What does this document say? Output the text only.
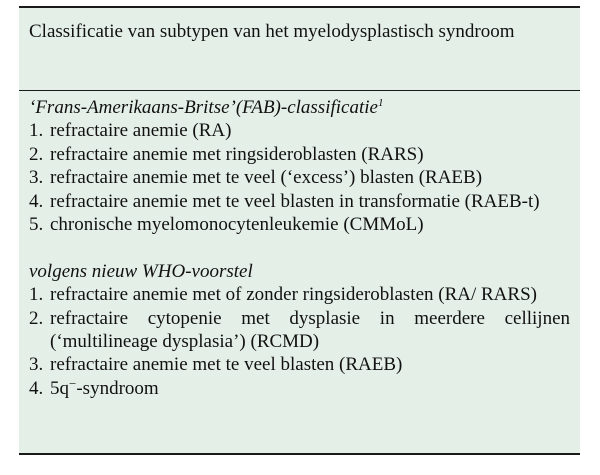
Classificatie van subtypen van het myelodysplastisch syndroom
‘Frans-Amerikaans-Britse’(FAB)-classificatie$^1$
1. refractaire anemie (RA)
2. refractaire anemie met ringsideroblasten (RARS)
3. refractaire anemie met te veel (‘excess’) blasten (RAEB)
4. refractaire anemie met te veel blasten in transformatie (RAEB-t)
5. chronische myelomonocytenleukemie (CMMoL)
volgens nieuw WHO-voorstel
1. refractaire anemie met of zonder ringsideroblasten (RA/ RARS)
2. refractaire cytopenie met dysplasie in meerdere cellijnen (‘multilineage dysplasia’) (RCMD)
3. refractaire anemie met te veel blasten (RAEB)
4. 5q−-syndroom
